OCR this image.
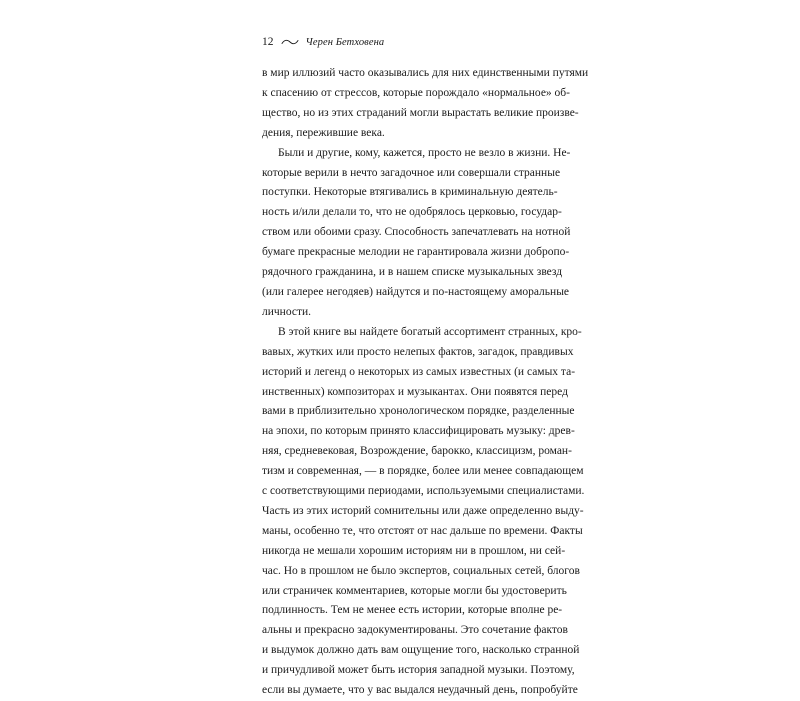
12	Черен Бетховена

в мир иллюзий часто оказывались для них единственными путями
к спасению от стрессов, которые порождало «нормальное» об-
щество, но из этих страданий могли вырастать великие произве-
дения, пережившие века.

Были и другие, кому, кажется, просто не везло в жизни. Не-
которые верили в нечто загадочное или совершали странные
поступки. Некоторые втягивались в криминальную деятель-
ность и/или делали то, что не одобрялось церковью, государ-
ством или обоими сразу. Способность запечатлевать на нотной
бумаге прекрасные мелодии не гарантировала жизни добропо-
рядочного гражданина, и в нашем списке музыкальных звезд
(или галерее негодяев) найдутся и по-настоящему аморальные
личности.

В этой книге вы найдете богатый ассортимент странных, кро-
вавых, жутких или просто нелепых фактов, загадок, правдивых
историй и легенд о некоторых из самых известных (и самых та-
инственных) композиторах и музыкантах. Они появятся перед
вами в приблизительно хронологическом порядке, разделенные
на эпохи, по которым принято классифицировать музыку: древ-
няя, средневековая, Возрождение, барокко, классицизм, роман-
тизм и современная, — в порядке, более или менее совпадающем
с соответствующими периодами, используемыми специалистами.
Часть из этих историй сомнительны или даже определенно выду-
маны, особенно те, что отстоят от нас дальше по времени. Факты
никогда не мешали хорошим историям ни в прошлом, ни сей-
час. Но в прошлом не было экспертов, социальных сетей, блогов
или страничек комментариев, которые могли бы удостоверить
подлинность. Тем не менее есть истории, которые вполне ре-
альны и прекрасно задокументированы. Это сочетание фактов
и выдумок должно дать вам ощущение того, насколько странной
и причудливой может быть история западной музыки. Поэтому,
если вы думаете, что у вас выдался неудачный день, попробуйте
